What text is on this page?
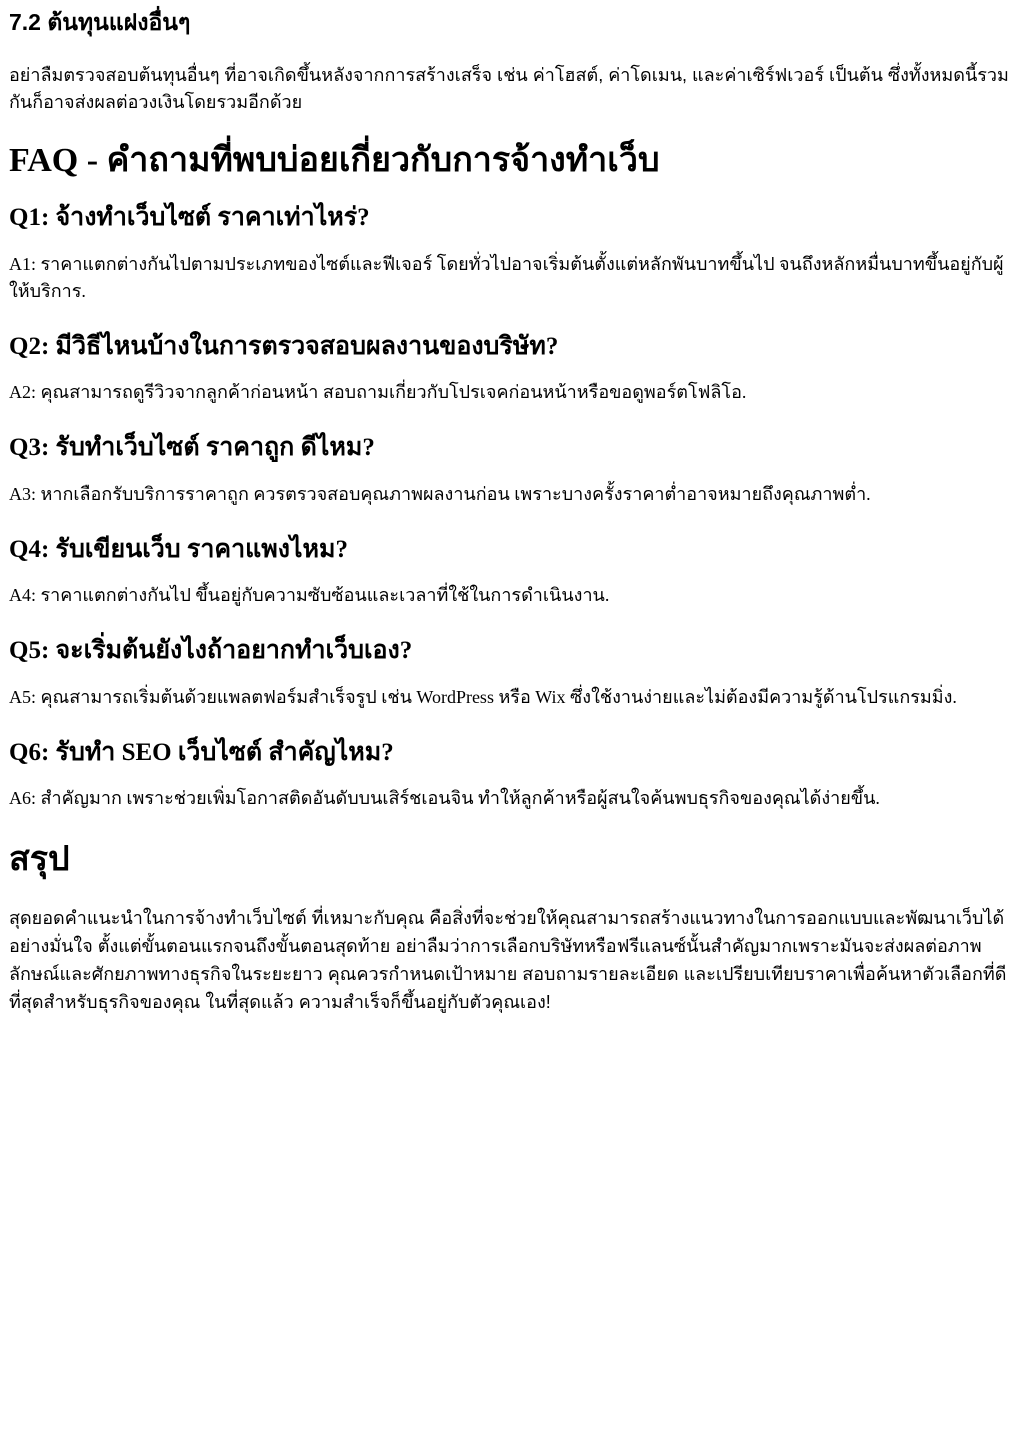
7.2 ต้นทุนแฝงอื่นๆ

อย่าลืมตรวจสอบต้นทุนอื่นๆ ที่อาจเกิดขึ้นหลังจากการสร้างเสร็จ เช่น ค่าโฮสต์, ค่าโดเมน, และค่าเซิร์ฟเวอร์ เป็นต้น ซึ่งทั้งหมดนี้รวมกันก็อาจส่งผลต่อวงเงินโดยรวมอีกด้วย

FAQ - คำถามที่พบบ่อยเกี่ยวกับการจ้างทำเว็บ
Q1: จ้างทำเว็บไซต์ ราคาเท่าไหร่?

A1: ราคาแตกต่างกันไปตามประเภทของไซต์และฟีเจอร์ โดยทั่วไปอาจเริ่มต้นตั้งแต่หลักพันบาทขึ้นไป จนถึงหลักหมื่นบาทขึ้นอยู่กับผู้ให้บริการ.

Q2: มีวิธีไหนบ้างในการตรวจสอบผลงานของบริษัท?

A2: คุณสามารถดูรีวิวจากลูกค้าก่อนหน้า สอบถามเกี่ยวกับโปรเจคก่อนหน้าหรือขอดูพอร์ตโฟลิโอ.

Q3: รับทำเว็บไซต์ ราคาถูก ดีไหม?

A3: หากเลือกรับบริการราคาถูก ควรตรวจสอบคุณภาพผลงานก่อน เพราะบางครั้งราคาต่ำอาจหมายถึงคุณภาพต่ำ.

Q4: รับเขียนเว็บ ราคาแพงไหม?

A4: ราคาแตกต่างกันไป ขึ้นอยู่กับความซับซ้อนและเวลาที่ใช้ในการดำเนินงาน.

Q5: จะเริ่มต้นยังไงถ้าอยากทำเว็บเอง?

A5: คุณสามารถเริ่มต้นด้วยแพลตฟอร์มสำเร็จรูป เช่น WordPress หรือ Wix ซึ่งใช้งานง่ายและไม่ต้องมีความรู้ด้านโปรแกรมมิ่ง.

Q6: รับทำ SEO เว็บไซต์ สำคัญไหม?

A6: สำคัญมาก เพราะช่วยเพิ่มโอกาสติดอันดับบนเสิร์ชเอนจิน ทำให้ลูกค้าหรือผู้สนใจค้นพบธุรกิจของคุณได้ง่ายขึ้น.

สรุป

สุดยอดคำแนะนำในการจ้างทำเว็บไซต์ ที่เหมาะกับคุณ คือสิ่งที่จะช่วยให้คุณสามารถสร้างแนวทางในการออกแบบและพัฒนาเว็บได้อย่างมั่นใจ ตั้งแต่ขั้นตอนแรกจนถึงขั้นตอนสุดท้าย อย่าลืมว่าการเลือกบริษัทหรือฟรีแลนซ์นั้นสำคัญมากเพราะมันจะส่งผลต่อภาพลักษณ์และศักยภาพทางธุรกิจในระยะยาว คุณควรกำหนดเป้าหมาย สอบถามรายละเอียด และเปรียบเทียบราคาเพื่อค้นหาตัวเลือกที่ดีที่สุดสำหรับธุรกิจของคุณ ในที่สุดแล้ว ความสำเร็จก็ขึ้นอยู่กับตัวคุณเอง!
